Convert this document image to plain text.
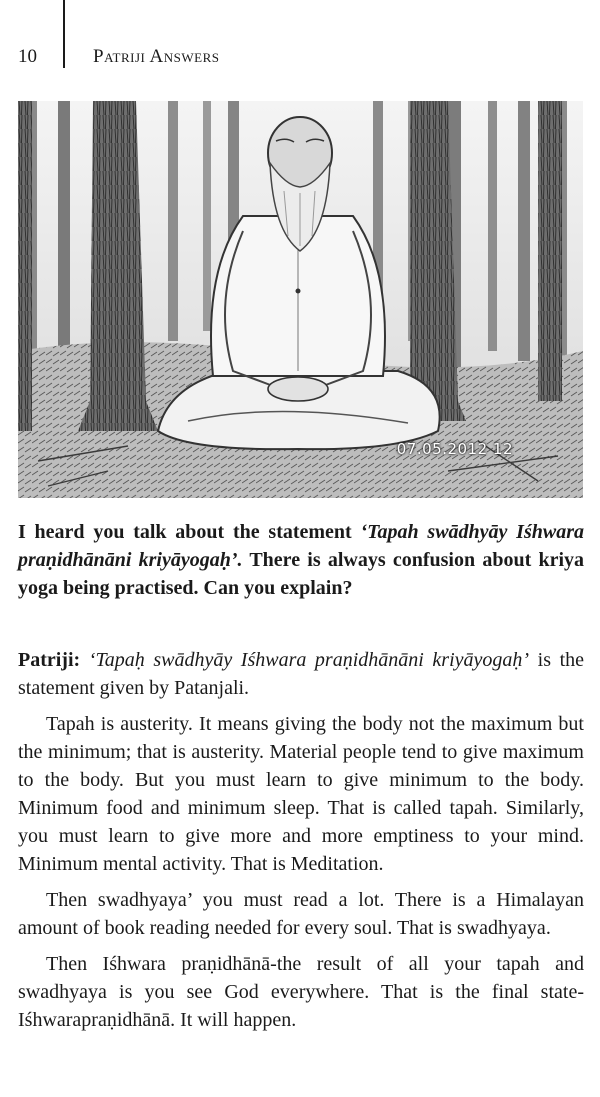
10	Patriji Answers
07.05.2012 12
I heard you talk about the statement ‘Tapah swādhyāy Iśhwara praṇidhānāni kriyāyogaḥ’. There is always confusion about kriya yoga being practised. Can you explain?

Patriji: ‘Tapaḥ swādhyāy Iśhwara praṇidhānāni kriyāyogaḥ’ is the statement given by Patanjali.

Tapah is austerity. It means giving the body not the maximum but the minimum; that is austerity. Material people tend to give maximum to the body. But you must learn to give minimum to the body. Minimum food and minimum sleep. That is called tapah. Similarly, you must learn to give more and more emptiness to your mind. Minimum mental activity. That is Meditation.

Then swadhyaya’ you must read a lot. There is a Himalayan amount of book reading needed for every soul. That is swadhyaya.

Then Iśhwara praṇidhānā-the result of all your tapah and swadhyaya is you see God everywhere. That is the final state-Iśhwarapraṇidhānā. It will happen.
